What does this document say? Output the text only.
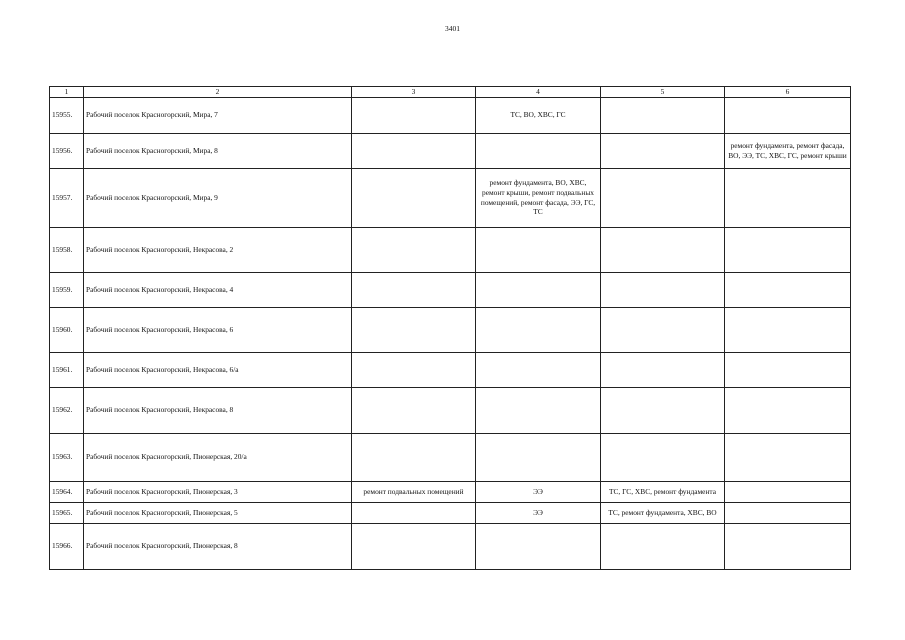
3401
1	2	3	4	5	6
15955.	Рабочий поселок Красногорский, Мира, 7		ТС, ВО, ХВС, ГС		
15956.	Рабочий поселок Красногорский, Мира, 8				ремонт фундамента, ремонт фасада, ВО, ЭЭ, ТС, ХВС, ГС, ремонт крыши
15957.	Рабочий поселок Красногорский, Мира, 9		ремонт фундамента, ВО, ХВС, ремонт крыши, ремонт подвальных помещений, ремонт фасада, ЭЭ, ГС, ТС		
15958.	Рабочий поселок Красногорский, Некрасова, 2				
15959.	Рабочий поселок Красногорский, Некрасова, 4				
15960.	Рабочий поселок Красногорский, Некрасова, 6				
15961.	Рабочий поселок Красногорский, Некрасова, 6/а				
15962.	Рабочий поселок Красногорский, Некрасова, 8				
15963.	Рабочий поселок Красногорский, Пионерская, 20/а				
15964.	Рабочий поселок Красногорский, Пионерская, 3	ремонт подвальных помещений	ЭЭ	ТС, ГС, ХВС, ремонт фундамента	
15965.	Рабочий поселок Красногорский, Пионерская, 5		ЭЭ	ТС, ремонт фундамента, ХВС, ВО	
15966.	Рабочий поселок Красногорский, Пионерская, 8				
